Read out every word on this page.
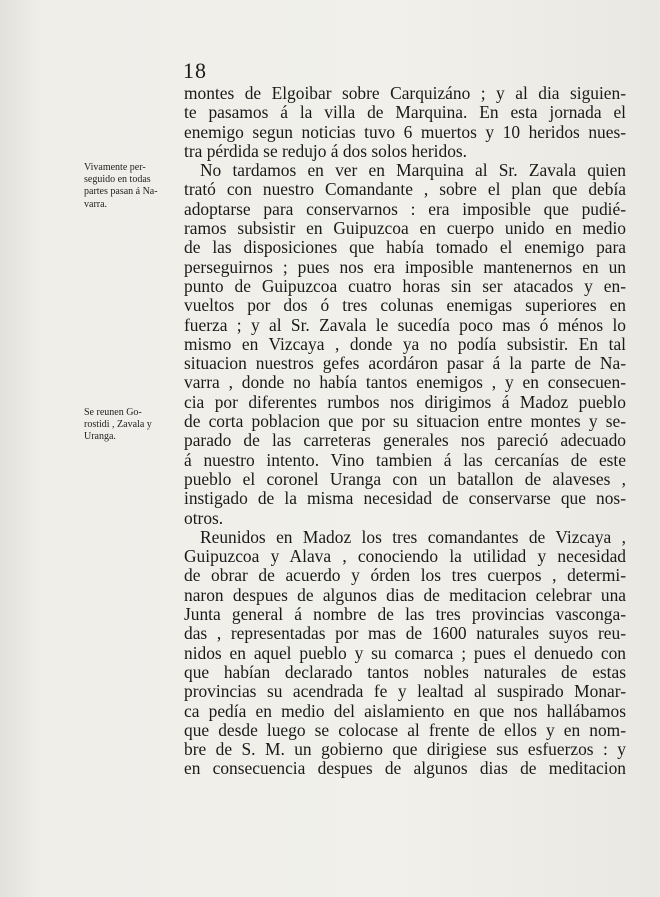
18
Vivamente per-
seguido en todas
partes pasan á Na-
varra.
Se reunen Go-
rostidi , Zavala y
Uranga.
montes de Elgoibar sobre Carquizáno ; y al dia siguien-
te pasamos á la villa de Marquina. En esta jornada el
enemigo segun noticias tuvo 6 muertos y 10 heridos nues-
tra pérdida se redujo á dos solos heridos.
No tardamos en ver en Marquina al Sr. Zavala quien
trató con nuestro Comandante , sobre el plan que debía
adoptarse para conservarnos : era imposible que pudié-
ramos subsistir en Guipuzcoa en cuerpo unido en medio
de las disposiciones que había tomado el enemigo para
perseguirnos ; pues nos era imposible mantenernos en un
punto de Guipuzcoa cuatro horas sin ser atacados y en-
vueltos por dos ó tres colunas enemigas superiores en
fuerza ; y al Sr. Zavala le sucedía poco mas ó ménos lo
mismo en Vizcaya , donde ya no podía subsistir. En tal
situacion nuestros gefes acordáron pasar á la parte de Na-
varra , donde no había tantos enemigos , y en consecuen-
cia por diferentes rumbos nos dirigimos á Madoz pueblo
de corta poblacion que por su situacion entre montes y se-
parado de las carreteras generales nos pareció adecuado
á nuestro intento. Vino tambien á las cercanías de este
pueblo el coronel Uranga con un batallon de alaveses ,
instigado de la misma necesidad de conservarse que nos-
otros.
Reunidos en Madoz los tres comandantes de Vizcaya ,
Guipuzcoa y Alava , conociendo la utilidad y necesidad
de obrar de acuerdo y órden los tres cuerpos , determi-
naron despues de algunos dias de meditacion celebrar una
Junta general á nombre de las tres provincias vasconga-
das , representadas por mas de 1600 naturales suyos reu-
nidos en aquel pueblo y su comarca ; pues el denuedo con
que habían declarado tantos nobles naturales de estas
provincias su acendrada fe y lealtad al suspirado Monar-
ca pedía en medio del aislamiento en que nos hallábamos
que desde luego se colocase al frente de ellos y en nom-
bre de S. M. un gobierno que dirigiese sus esfuerzos : y
en consecuencia despues de algunos dias de meditacion
